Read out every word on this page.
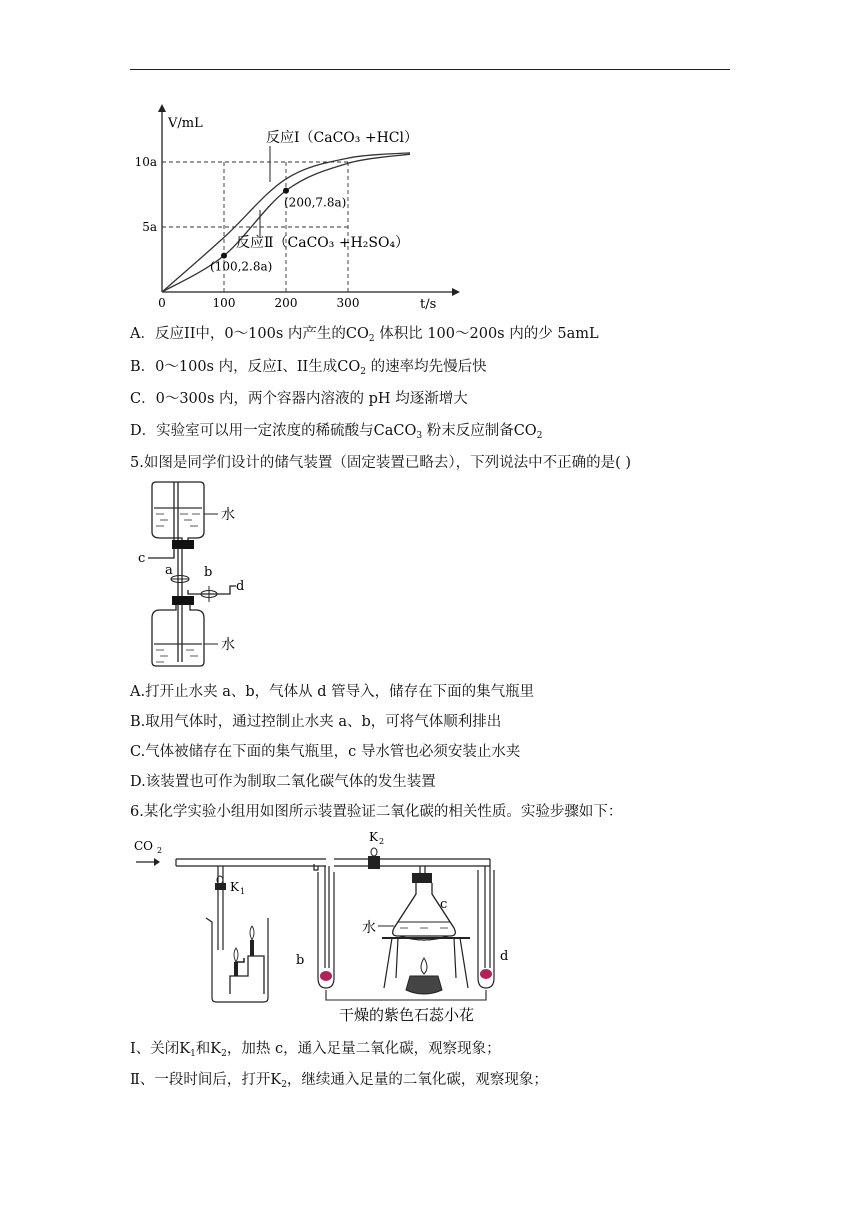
0	100	200	300
5a
10a
V/mL
t/s
反应Ⅰ（CaCO₃ +HCl）
反应Ⅱ（CaCO₃ +H₂SO₄）
(200,7.8a)
(100,2.8a)
A．反应II中，0～100s 内产生的$CO_2$ 体积比 100～200s 内的少 5amL
B．0～100s 内，反应I、II生成$CO_2$ 的速率均先慢后快
C．0～300s 内，两个容器内溶液的 pH 均逐渐增大
D．实验室可以用一定浓度的稀硫酸与CaCO$_3$ 粉末反应制备$CO_2$
5.如图是同学们设计的储气装置（固定装置已略去），下列说法中不正确的是( )
水
c
a b
d
水
A.打开止水夹 a、b，气体从 d 管导入，储存在下面的集气瓶里
B.取用气体时，通过控制止水夹 a、b，可将气体顺利排出
C.气体被储存在下面的集气瓶里，c 导水管也必须安装止水夹
D.该装置也可作为制取二氧化碳气体的发生装置
6.某化学实验小组用如图所示装置验证二氧化碳的相关性质。实验步骤如下：
CO 2
K 1
b
K 2
水
c
d
干燥的紫色石蕊小花
Ⅰ、关闭$K_1$和$K_2$，加热 c，通入足量二氧化碳，观察现象；
Ⅱ、一段时间后，打开$K_2$，继续通入足量的二氧化碳，观察现象；
